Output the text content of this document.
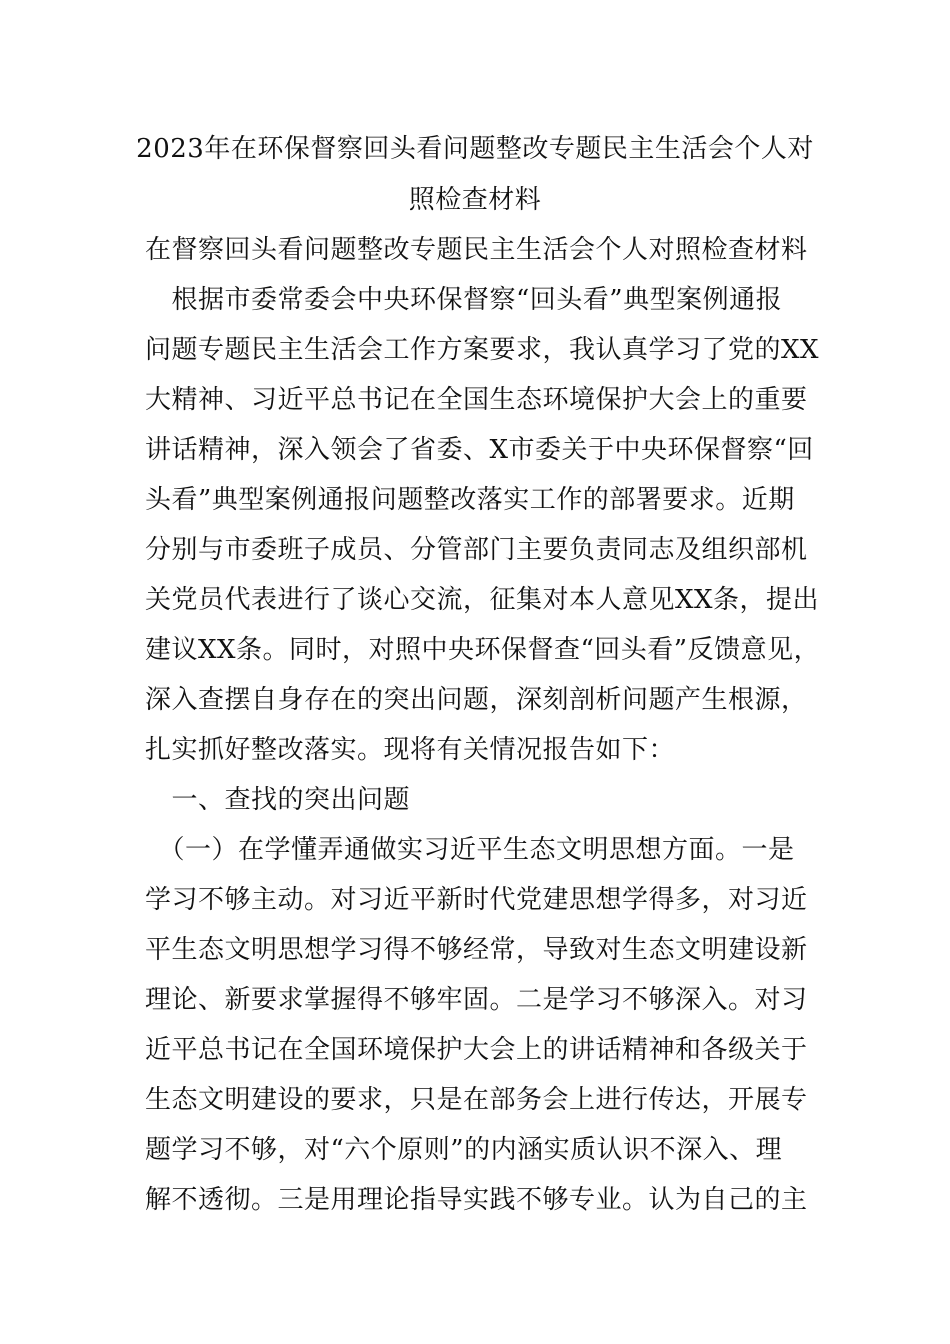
2023年在环保督察回头看问题整改专题民主生活会个人对
照检查材料
在督察回头看问题整改专题民主生活会个人对照检查材料
　根据市委常委会中央环保督察“回头看”典型案例通报
问题专题民主生活会工作方案要求，我认真学习了党的XX
大精神、习近平总书记在全国生态环境保护大会上的重要
讲话精神，深入领会了省委、X市委关于中央环保督察“回
头看”典型案例通报问题整改落实工作的部署要求。近期
分别与市委班子成员、分管部门主要负责同志及组织部机
关党员代表进行了谈心交流，征集对本人意见XX条，提出
建议XX条。同时，对照中央环保督查“回头看”反馈意见，
深入查摆自身存在的突出问题，深刻剖析问题产生根源，
扎实抓好整改落实。现将有关情况报告如下：
　一、查找的突出问题
　（一）在学懂弄通做实习近平生态文明思想方面。一是
学习不够主动。对习近平新时代党建思想学得多，对习近
平生态文明思想学习得不够经常，导致对生态文明建设新
理论、新要求掌握得不够牢固。二是学习不够深入。对习
近平总书记在全国环境保护大会上的讲话精神和各级关于
生态文明建设的要求，只是在部务会上进行传达，开展专
题学习不够，对“六个原则”的内涵实质认识不深入、理
解不透彻。三是用理论指导实践不够专业。认为自己的主
